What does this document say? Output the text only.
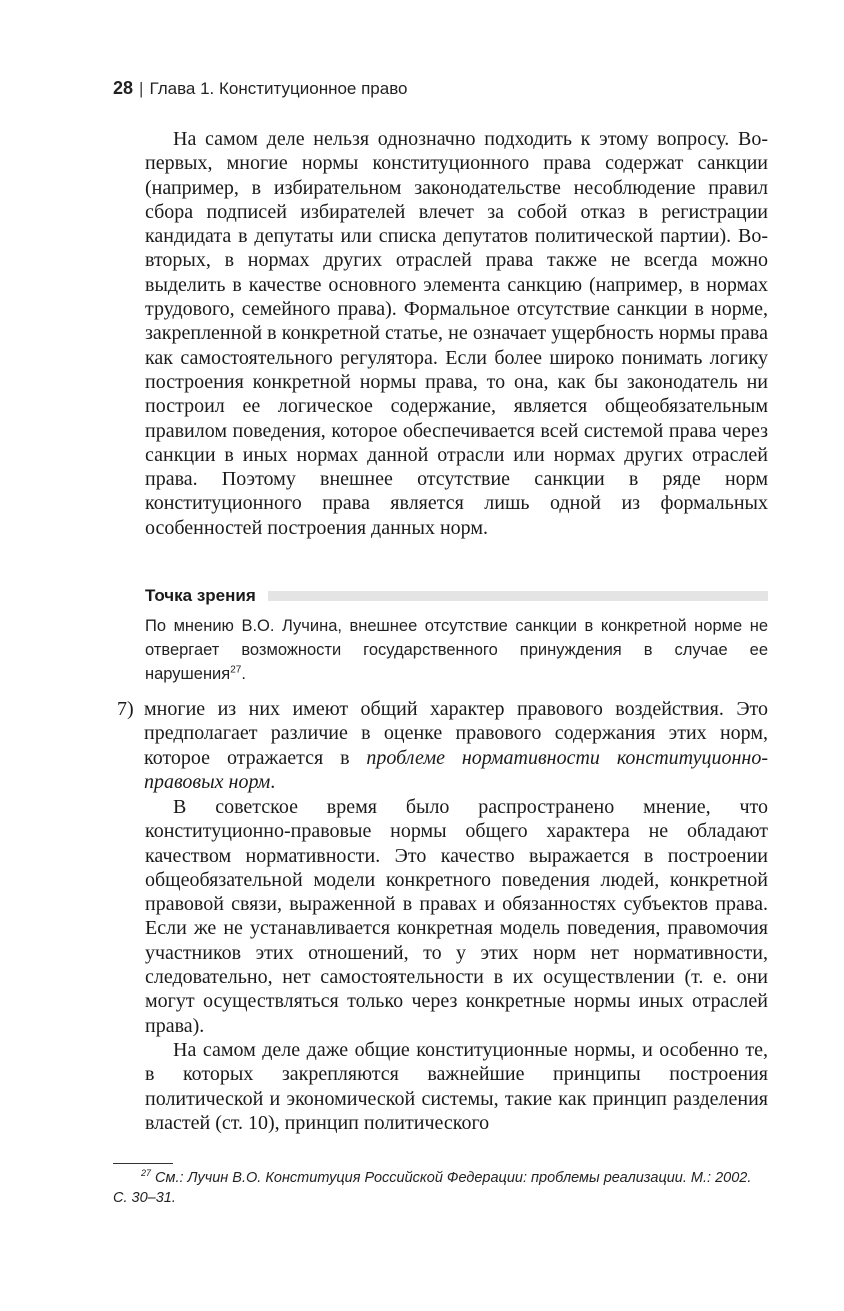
28 | Глава 1. Конституционное право

На самом деле нельзя однозначно подходить к этому вопросу. Во-первых, многие нормы конституционного права содержат санкции (например, в избирательном законодательстве несоблюдение правил сбора подписей избирателей влечет за собой отказ в регистрации кандидата в депутаты или списка депутатов политической партии). Во-вторых, в нормах других отраслей права также не всегда можно выделить в качестве основного элемента санкцию (например, в нормах трудового, семейного права). Формальное отсутствие санкции в норме, закрепленной в конкретной статье, не означает ущербность нормы права как самостоятельного регулятора. Если более широко понимать логику построения конкретной нормы права, то она, как бы законодатель ни построил ее логическое содержание, является общеобязательным правилом поведения, которое обеспечивается всей системой права через санкции в иных нормах данной отрасли или нормах других отраслей права. Поэтому внешнее отсутствие санкции в ряде норм конституционного права является лишь одной из формальных особенностей построения данных норм.

Точка зрения

По мнению В.О. Лучина, внешнее отсутствие санкции в конкретной норме не отвергает возможности государственного принуждения в случае ее нарушения$^{27}$.

7) многие из них имеют общий характер правового воздействия. Это предполагает различие в оценке правового содержания этих норм, которое отражается в проблеме нормативности конституционно-правовых норм.

В советское время было распространено мнение, что конституционно-правовые нормы общего характера не обладают качеством нормативности. Это качество выражается в построении общеобязательной модели конкретного поведения людей, конкретной правовой связи, выраженной в правах и обязанностях субъектов права. Если же не устанавливается конкретная модель поведения, правомочия участников этих отношений, то у этих норм нет нормативности, следовательно, нет самостоятельности в их осуществлении (т. е. они могут осуществляться только через конкретные нормы иных отраслей права).

На самом деле даже общие конституционные нормы, и особенно те, в которых закрепляются важнейшие принципы построения политической и экономической системы, такие как принцип разделения властей (ст. 10), принцип политического

$^{27}$ См.: Лучин В.О. Конституция Российской Федерации: проблемы реализации. М.: 2002. С. 30–31.
